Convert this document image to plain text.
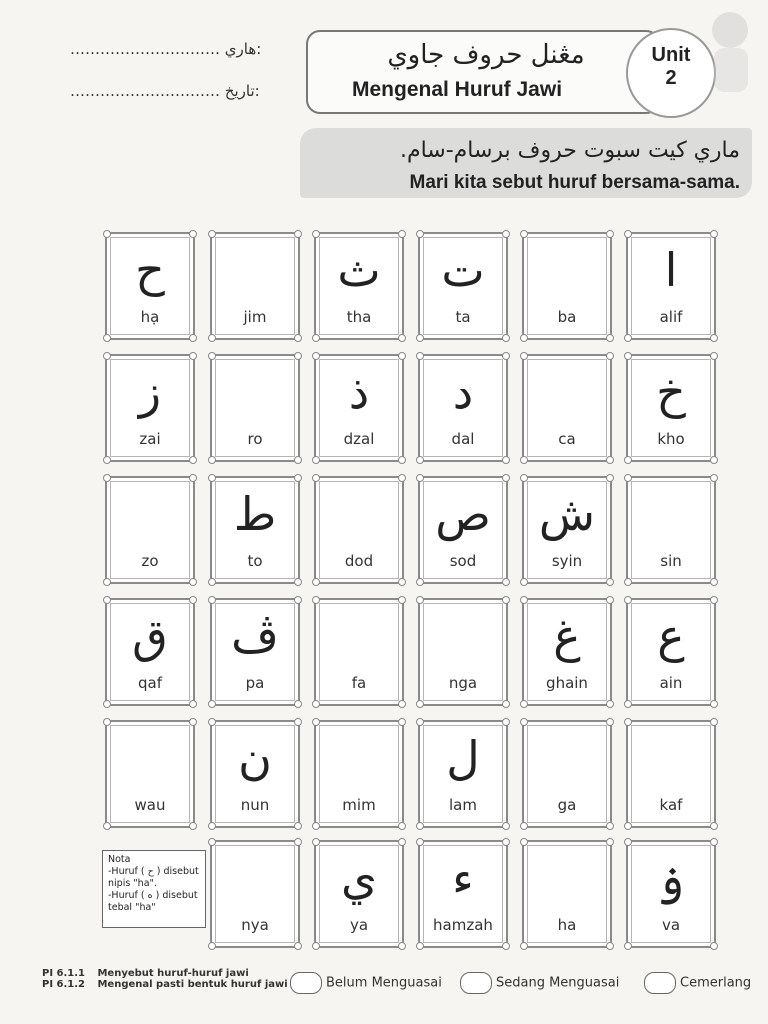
………………………… هاري:
………………………… تاريخ:
مڠنل حروف جاوي
Mengenal Huruf Jawi
Unit
2
ماري كيت سبوت حروف برسام-سام.
Mari kita sebut huruf bersama-sama.
ح
hạ	jim
ث
tha
ت
ta	ba
ا
alif
ز
zai	ro
ذ
dzal
د
dal	ca
خ
kho
zo
ط
to	dod
ص
sod
ش
syin	sin
ق
qaf
ڤ
pa	fa	nga
غ
ghain
ع
ain
wau
ن
nun	mim
ل
lam	ga	kaf
nya
ي
ya
ء
hamzah	ha
ۏ
va
Nota
-Huruf ( ح ) disebut nipis "ha".
-Huruf ( ه ) disebut tebal "ha"
PI 6.1.1 Menyebut huruf-huruf jawi
PI 6.1.2 Mengenal pasti bentuk huruf jawi	Belum Menguasai	Sedang Menguasai	Cemerlang
